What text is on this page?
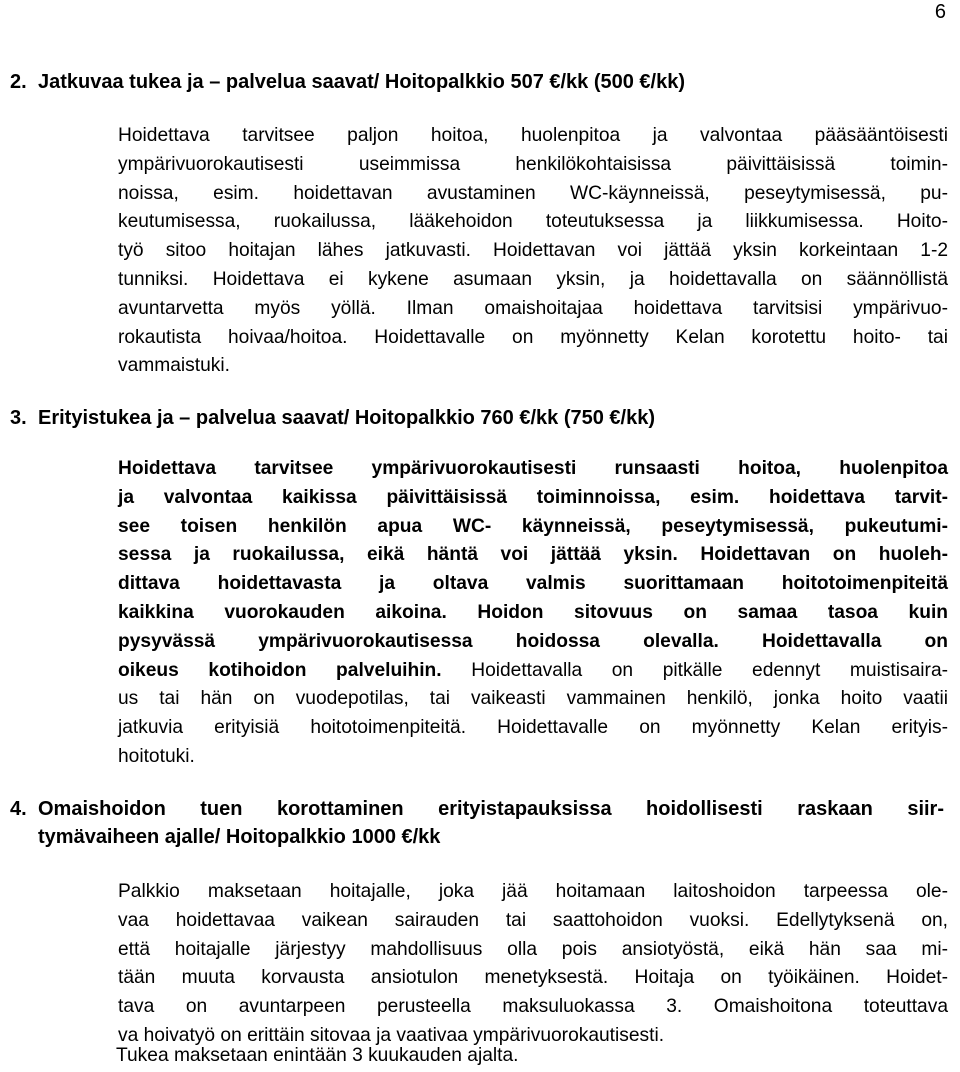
6
2. Jatkuvaa tukea ja – palvelua saavat/ Hoitopalkkio 507 €/kk (500 €/kk)
Hoidettava tarvitsee paljon hoitoa, huolenpitoa ja valvontaa pääsääntöisesti
ympärivuorokautisesti useimmissa henkilökohtaisissa päivittäisissä toimin-
noissa, esim. hoidettavan avustaminen WC-käynneissä, peseytymisessä, pu-
keutumisessa, ruokailussa, lääkehoidon toteutuksessa ja liikkumisessa. Hoito-
työ sitoo hoitajan lähes jatkuvasti. Hoidettavan voi jättää yksin korkeintaan 1-2
tunniksi. Hoidettava ei kykene asumaan yksin, ja hoidettavalla on säännöllistä
avuntarvetta myös yöllä. Ilman omaishoitajaa hoidettava tarvitsisi ympärivuo-
rokautista hoivaa/hoitoa. Hoidettavalle on myönnetty Kelan korotettu hoito- tai
vammaistuki.
3. Erityistukea ja – palvelua saavat/ Hoitopalkkio 760 €/kk (750 €/kk)
Hoidettava tarvitsee ympärivuorokautisesti runsaasti hoitoa, huolenpitoa
ja valvontaa kaikissa päivittäisissä toiminnoissa, esim. hoidettava tarvit-
see toisen henkilön apua WC- käynneissä, peseytymisessä, pukeutumi-
sessa ja ruokailussa, eikä häntä voi jättää yksin. Hoidettavan on huoleh-
dittava hoidettavasta ja oltava valmis suorittamaan hoitotoimenpiteitä
kaikkina vuorokauden aikoina. Hoidon sitovuus on samaa tasoa kuin
pysyvässä ympärivuorokautisessa hoidossa olevalla. Hoidettavalla on
oikeus kotihoidon palveluihin. Hoidettavalla on pitkälle edennyt muistisaira-
us tai hän on vuodepotilas, tai vaikeasti vammainen henkilö, jonka hoito vaatii
jatkuvia erityisiä hoitotoimenpiteitä. Hoidettavalle on myönnetty Kelan erityis-
hoitotuki.
4. Omaishoidon tuen korottaminen erityistapauksissa hoidollisesti raskaan siir-
tymävaiheen ajalle/ Hoitopalkkio 1000 €/kk
Palkkio maksetaan hoitajalle, joka jää hoitamaan laitoshoidon tarpeessa ole-
vaa hoidettavaa vaikean sairauden tai saattohoidon vuoksi. Edellytyksenä on,
että hoitajalle järjestyy mahdollisuus olla pois ansiotyöstä, eikä hän saa mi-
tään muuta korvausta ansiotulon menetyksestä. Hoitaja on työikäinen. Hoidet-
tava on avuntarpeen perusteella maksuluokassa 3. Omaishoitona toteuttava
va hoivatyö on erittäin sitovaa ja vaativaa ympärivuorokautisesti.
Tukea maksetaan enintään 3 kuukauden ajalta.
